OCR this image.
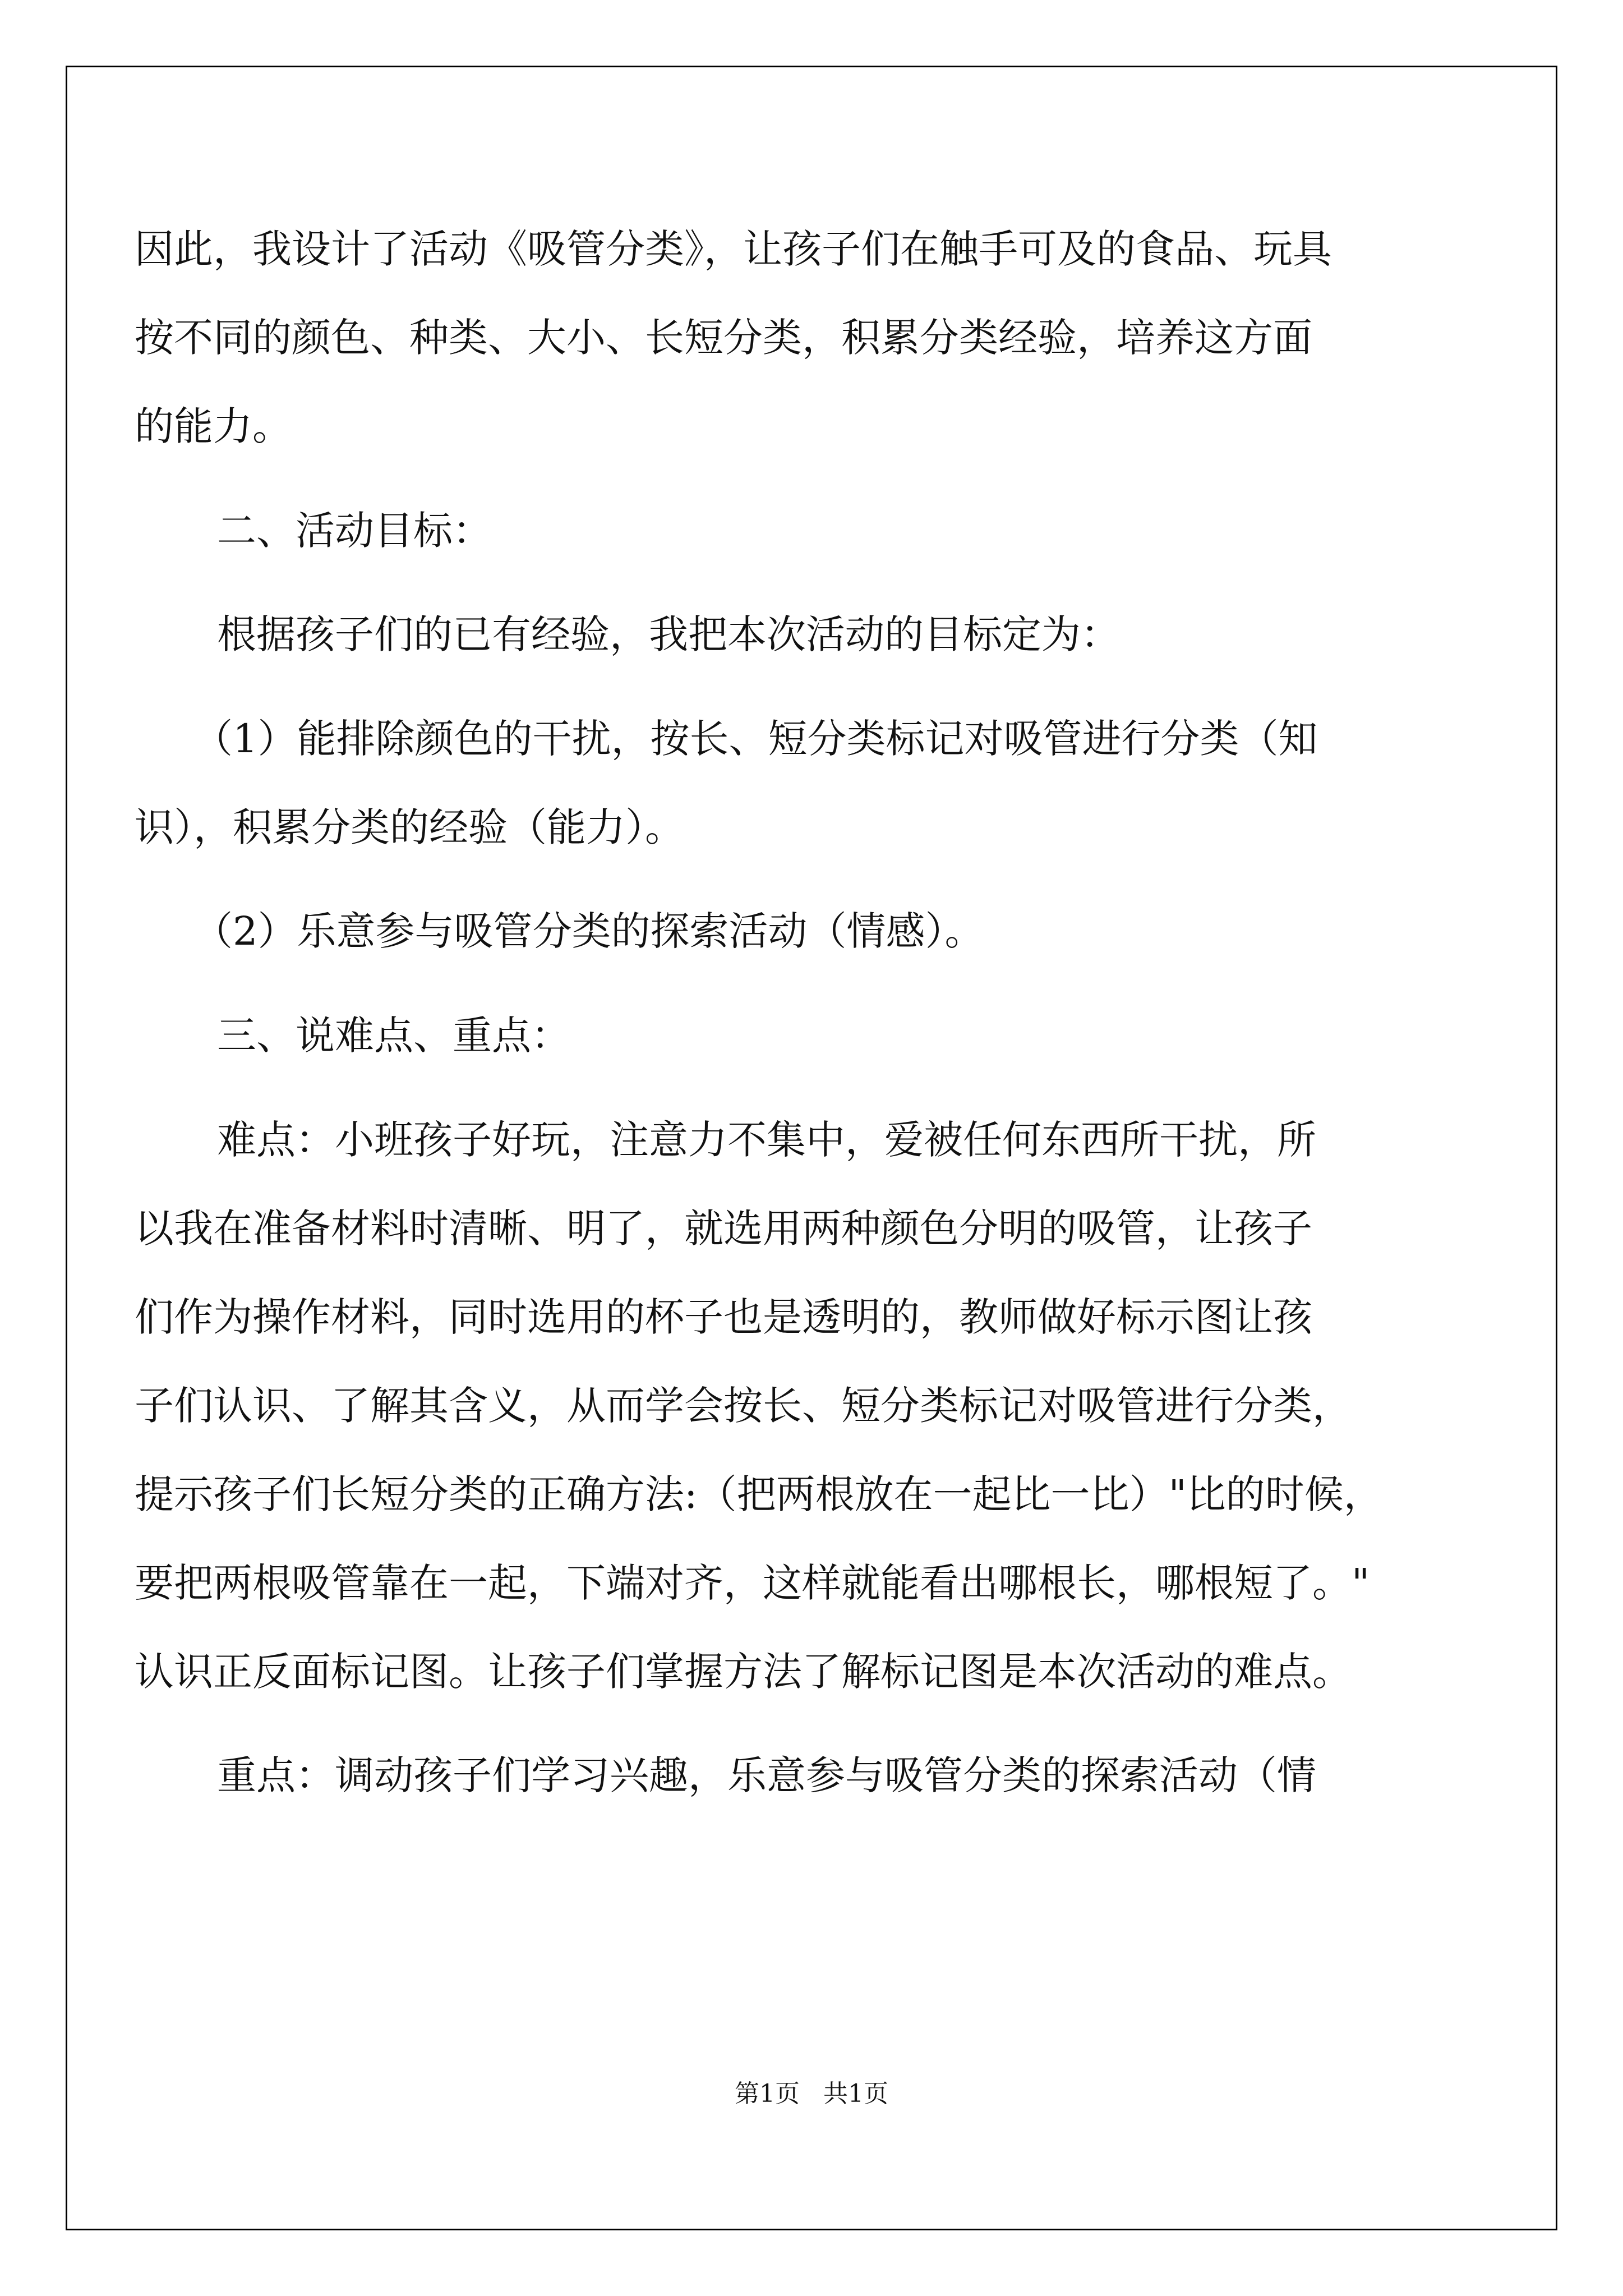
因此，我设计了活动《吸管分类》，让孩子们在触手可及的食品、玩具
按不同的颜色、种类、大小、长短分类，积累分类经验，培养这方面
的能力。
二、活动目标：
根据孩子们的已有经验，我把本次活动的目标定为：
（1）能排除颜色的干扰，按长、短分类标记对吸管进行分类（知
识），积累分类的经验（能力）。
（2）乐意参与吸管分类的探索活动（情感）。
三、说难点、重点：
难点：小班孩子好玩，注意力不集中，爱被任何东西所干扰，所
以我在准备材料时清晰、明了，就选用两种颜色分明的吸管，让孩子
们作为操作材料，同时选用的杯子也是透明的，教师做好标示图让孩
子们认识、了解其含义，从而学会按长、短分类标记对吸管进行分类，
提示孩子们长短分类的正确方法:（把两根放在一起比一比）"比的时候，
要把两根吸管靠在一起，下端对齐，这样就能看出哪根长，哪根短了。"
认识正反面标记图。让孩子们掌握方法了解标记图是本次活动的难点。
重点：调动孩子们学习兴趣，乐意参与吸管分类的探索活动（情
第1页   共1页
